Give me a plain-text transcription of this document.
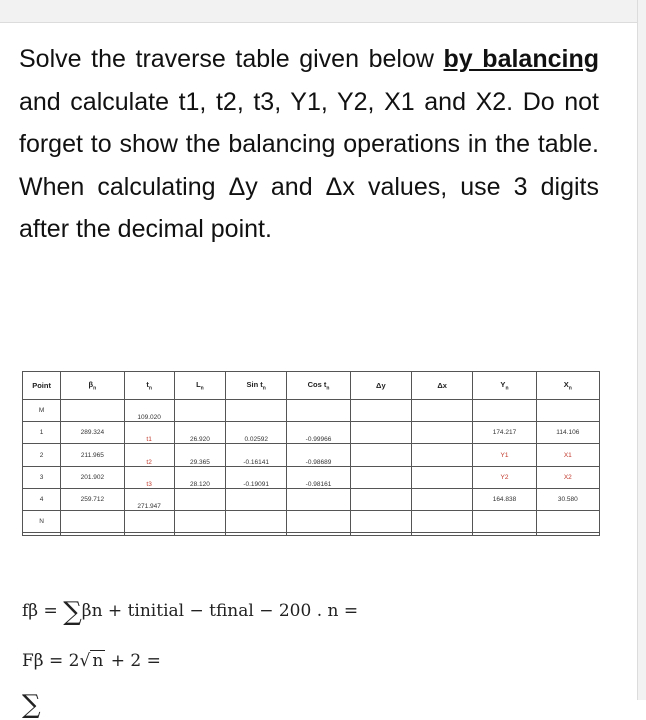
Solve the traverse table given below by balancing and calculate t1, t2, t3, Y1, Y2, X1 and X2. Do not forget to show the balancing operations in the table. When calculating Δy and Δx values, use 3 digits after the decimal point.

Point	$\beta_n$	$t_n$	$L_n$	Sin $t_n$	Cos $t_n$	Δy	Δx	$Y_n$	$X_n$
M		109.020							
1	289.324	t1	26.920	0.02592	-0.99966			174.217	114.106
2	211.965	t2	29.365	-0.16141	-0.98689			Y1	X1
3	201.902	t3	28.120	-0.19091	-0.98161			Y2	X2
4	259.712	271.947						164.838	30.580
N									

fβ = ∑βn + tinitial − tfinal − 200 . n =
Fβ = 2√ n + 2 =
∑
